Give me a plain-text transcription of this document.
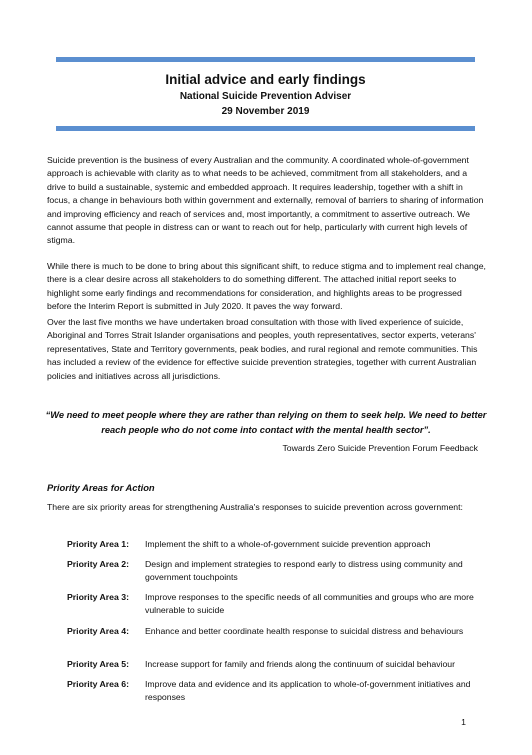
Initial advice and early findings
National Suicide Prevention Adviser
29 November 2019

Suicide prevention is the business of every Australian and the community. A coordinated whole-of-government approach is achievable with clarity as to what needs to be achieved, commitment from all stakeholders, and a drive to build a sustainable, systemic and embedded approach. It requires leadership, together with a shift in focus, a change in behaviours both within government and externally, removal of barriers to sharing of information and improving efficiency and reach of services and, most importantly, a commitment to assertive outreach. We cannot assume that people in distress can or want to reach out for help, particularly with current high levels of stigma.

While there is much to be done to bring about this significant shift, to reduce stigma and to implement real change, there is a clear desire across all stakeholders to do something different. The attached initial report seeks to highlight some early findings and recommendations for consideration, and highlights areas to be progressed before the Interim Report is submitted in July 2020. It paves the way forward.

Over the last five months we have undertaken broad consultation with those with lived experience of suicide, Aboriginal and Torres Strait Islander organisations and peoples, youth representatives, sector experts, veterans' representatives, State and Territory governments, peak bodies, and rural regional and remote communities. This has included a review of the evidence for effective suicide prevention strategies, together with current Australian policies and initiatives across all jurisdictions.

“We need to meet people where they are rather than relying on them to seek help. We need to better reach people who do not come into contact with the mental health sector”.

Towards Zero Suicide Prevention Forum Feedback
Priority Areas for Action

There are six priority areas for strengthening Australia's responses to suicide prevention across government:

Priority Area 1:	Implement the shift to a whole-of-government suicide prevention approach
Priority Area 2:	Design and implement strategies to respond early to distress using community and government touchpoints
Priority Area 3:	Improve responses to the specific needs of all communities and groups who are more vulnerable to suicide
Priority Area 4:	Enhance and better coordinate health response to suicidal distress and behaviours
Priority Area 5:	Increase support for family and friends along the continuum of suicidal behaviour
Priority Area 6:	Improve data and evidence and its application to whole-of-government initiatives and responses
1
